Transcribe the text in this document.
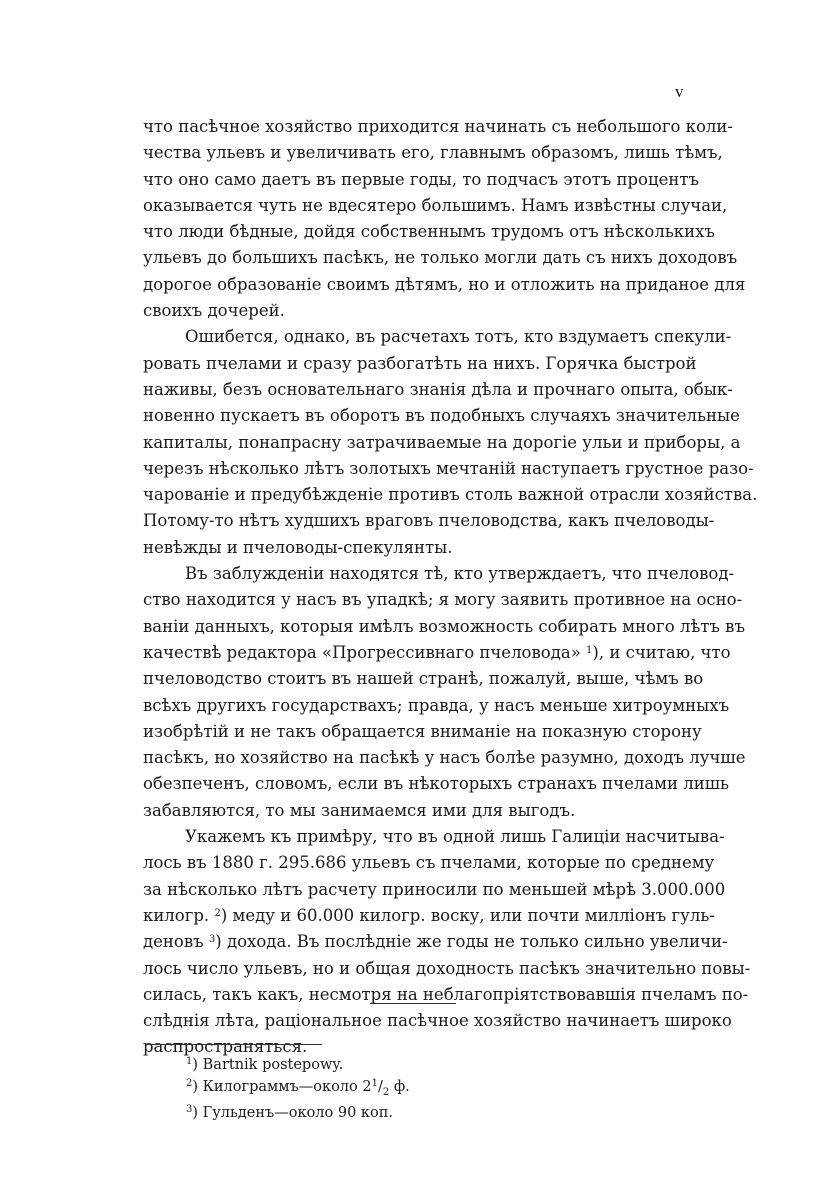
v
что пасѣчное хозяйство приходится начинать съ небольшого коли-
чества ульевъ и увеличивать его, главнымъ образомъ, лишь тѣмъ,
что оно само даетъ въ первые годы, то подчасъ этотъ процентъ
оказывается чуть не вдесятеро большимъ. Намъ извѣстны случаи,
что люди бѣдные, дойдя собственнымъ трудомъ отъ нѣсколькихъ
ульевъ до большихъ пасѣкъ, не только могли дать съ нихъ доходовъ
дорогое образованіе своимъ дѣтямъ, но и отложить на приданое для
своихъ дочерей.
Ошибется, однако, въ расчетахъ тотъ, кто вздумаетъ спекули-
ровать пчелами и сразу разбогатѣть на нихъ. Горячка быстрой
наживы, безъ основательнаго знанія дѣла и прочнаго опыта, обык-
новенно пускаетъ въ оборотъ въ подобныхъ случаяхъ значительные
капиталы, понапрасну затрачиваемые на дорогіе ульи и приборы, а
черезъ нѣсколько лѣтъ золотыхъ мечтаній наступаетъ грустное разо-
чарованіе и предубѣжденіе противъ столь важной отрасли хозяйства.
Потому-то нѣтъ худшихъ враговъ пчеловодства, какъ пчеловоды-
невѣжды и пчеловоды-спекулянты.
Въ заблужденіи находятся тѣ, кто утверждаетъ, что пчеловод-
ство находится у насъ въ упадкѣ; я могу заявить противное на осно-
ваніи данныхъ, которыя имѣлъ возможность собирать много лѣтъ въ
качествѣ редактора «Прогрессивнаго пчеловода» $^1$), и считаю, что
пчеловодство стоитъ въ нашей странѣ, пожалуй, выше, чѣмъ во
всѣхъ другихъ государствахъ; правда, у насъ меньше хитроумныхъ
изобрѣтій и не такъ обращается вниманіе на показную сторону
пасѣкъ, но хозяйство на пасѣкѣ у насъ болѣе разумно, доходъ лучше
обезпеченъ, словомъ, если въ нѣкоторыхъ странахъ пчелами лишь
забавляются, то мы занимаемся ими для выгодъ.
Укажемъ къ примѣру, что въ одной лишь Галиціи насчитыва-
лось въ 1880 г. 295.686 ульевъ съ пчелами, которые по среднему
за нѣсколько лѣтъ расчету приносили по меньшей мѣрѣ 3.000.000
килогр. $^2$) меду и 60.000 килогр. воску, или почти милліонъ гуль-
деновъ $^3$) дохода. Въ послѣдніе же годы не только сильно увеличи-
лось число ульевъ, но и общая доходность пасѣкъ значительно повы-
силась, такъ какъ, несмотря на неблагопріятствовавшія пчеламъ по-
слѣднія лѣта, раціональное пасѣчное хозяйство начинаетъ широко
распространяться.
$^1$) Bartnik postepowy.
$^2$) Килограммъ—около $2^1/_2$ ф.
$^3$) Гульденъ—около 90 коп.
